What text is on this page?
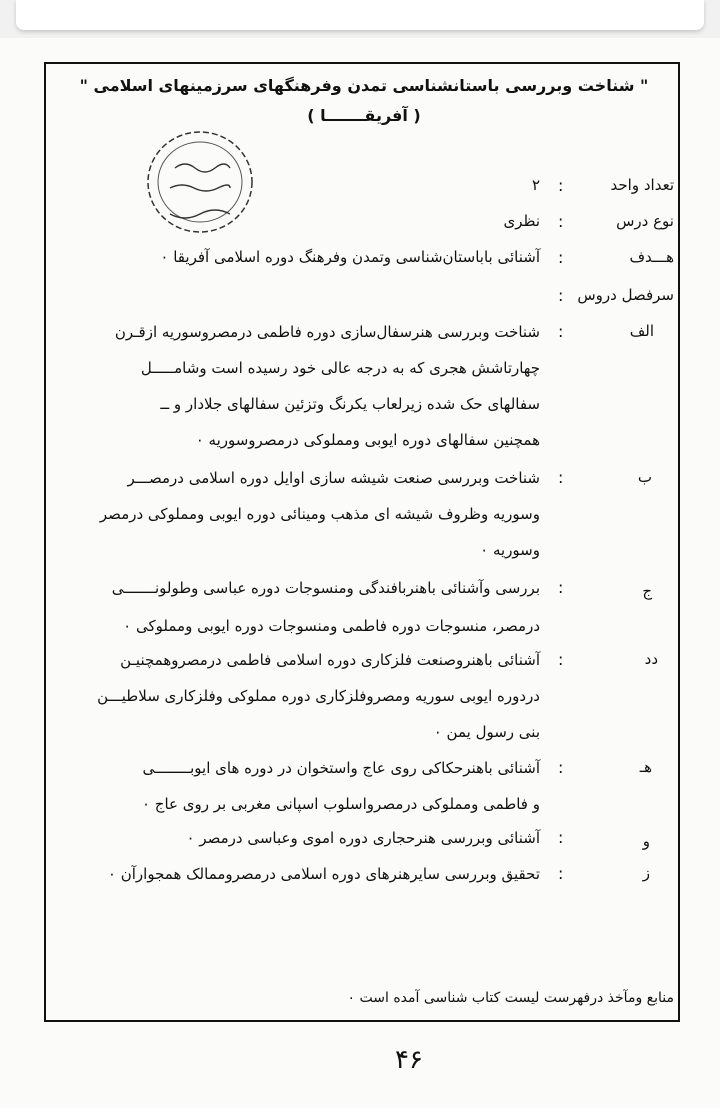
" شناخت وبررسی باستانشناسی تمدن وفرهنگهای سرزمینهای اسلامی "
( آفریقـــــــا )
تعداد واحد
:
۲
نوع درس
:
نظری
هـــدف
:
آشنائی باباستان‌شناسی وتمدن وفرهنگ دوره اسلامی آفریقا ٠
سرفصل دروس
:
الف
:
شناخت وبررسی هنرسفال‌سازی دوره فاطمی درمصروسوریه ازقـرن
چهارتاشش هجری که به درجه عالی خود رسیده است وشامـــــل
سفالهای حک شده زیرلعاب یکرنگ وتزئین سفالهای جلادار و ــ
همچنین سفالهای دوره ایوبی ومملوکی درمصروسوریه ٠
ب
:
شناخت وبررسی صنعت شیشه سازی اوایل دوره اسلامی درمصـــر
وسوریه وظروف شیشه ای مذهب ومینائی دوره ایوبی ومملوکی درمصر
وسوریه ٠
ج
:
بررسی وآشنائی باهنربافندگی ومنسوجات دوره عباسی وطولونـــــــی
درمصر، منسوجات دوره فاطمی ومنسوجات دوره ایوبی ومملوکی ٠
دد
:
آشنائی باهنروصنعت فلزکاری دوره اسلامی فاطمی درمصروهمچنیـن
دردوره ایوبی سوریه ومصروفلزکاری دوره مملوکی وفلزکاری سلاطیـــن
بنی رسول یمن ٠
هـ
:
آشنائی باهنرحکاکی روی عاج واستخوان در دوره های ایوبــــــــی
و فاطمی ومملوکی درمصرواسلوب اسپانی مغربی بر روی عاج ٠
و
:
آشنائی وبررسی هنرحجاری دوره اموی وعباسی درمصر ٠
ز
:
تحقیق وبررسی سایرهنرهای دوره اسلامی درمصروممالک همجوارآن ٠
منابع ومآخذ درفهرست لیست کتاب شناسی آمده است ٠
۴۶
